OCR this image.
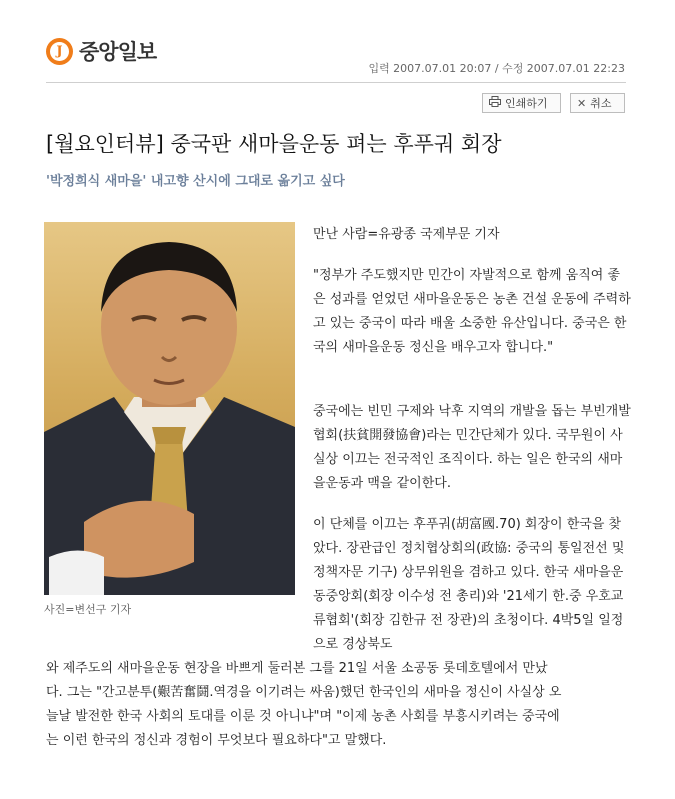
J 중앙일보
입력 2007.07.01 20:07 / 수정 2007.07.01 22:23
인쇄하기	✕ 취소
[월요인터뷰] 중국판 새마을운동 펴는 후푸궈 회장
'박정희식 새마을' 내고향 산시에 그대로 옮기고 싶다
사진=변선구 기자
만난 사람=유광종 국제부문 기자
"정부가 주도했지만 민간이 자발적으로 함께 움직여 좋은 성과를 얻었던 새마을운동은 농촌 건설 운동에 주력하고 있는 중국이 따라 배울 소중한 유산입니다. 중국은 한국의 새마을운동 정신을 배우고자 합니다."
중국에는 빈민 구제와 낙후 지역의 개발을 돕는 부빈개발협회(扶貧開發協會)라는 민간단체가 있다. 국무원이 사실상 이끄는 전국적인 조직이다. 하는 일은 한국의 새마을운동과 맥을 같이한다.
이 단체를 이끄는 후푸궈(胡富國.70) 회장이 한국을 찾았다. 장관급인 정치협상회의(政協: 중국의 통일전선 및 정책자문 기구) 상무위원을 겸하고 있다. 한국 새마을운동중앙회(회장 이수성 전 총리)와 '21세기 한.중 우호교류협회'(회장 김한규 전 장관)의 초청이다. 4박5일 일정으로 경상북도
와 제주도의 새마을운동 현장을 바쁘게 둘러본 그를 21일 서울 소공동 롯데호텔에서 만났
다. 그는 "간고분투(艱苦奮鬪.역경을 이기려는 싸움)했던 한국인의 새마을 정신이 사실상 오
늘날 발전한 한국 사회의 토대를 이룬 것 아니냐"며 "이제 농촌 사회를 부흥시키려는 중국에
는 이런 한국의 정신과 경험이 무엇보다 필요하다"고 말했다.
